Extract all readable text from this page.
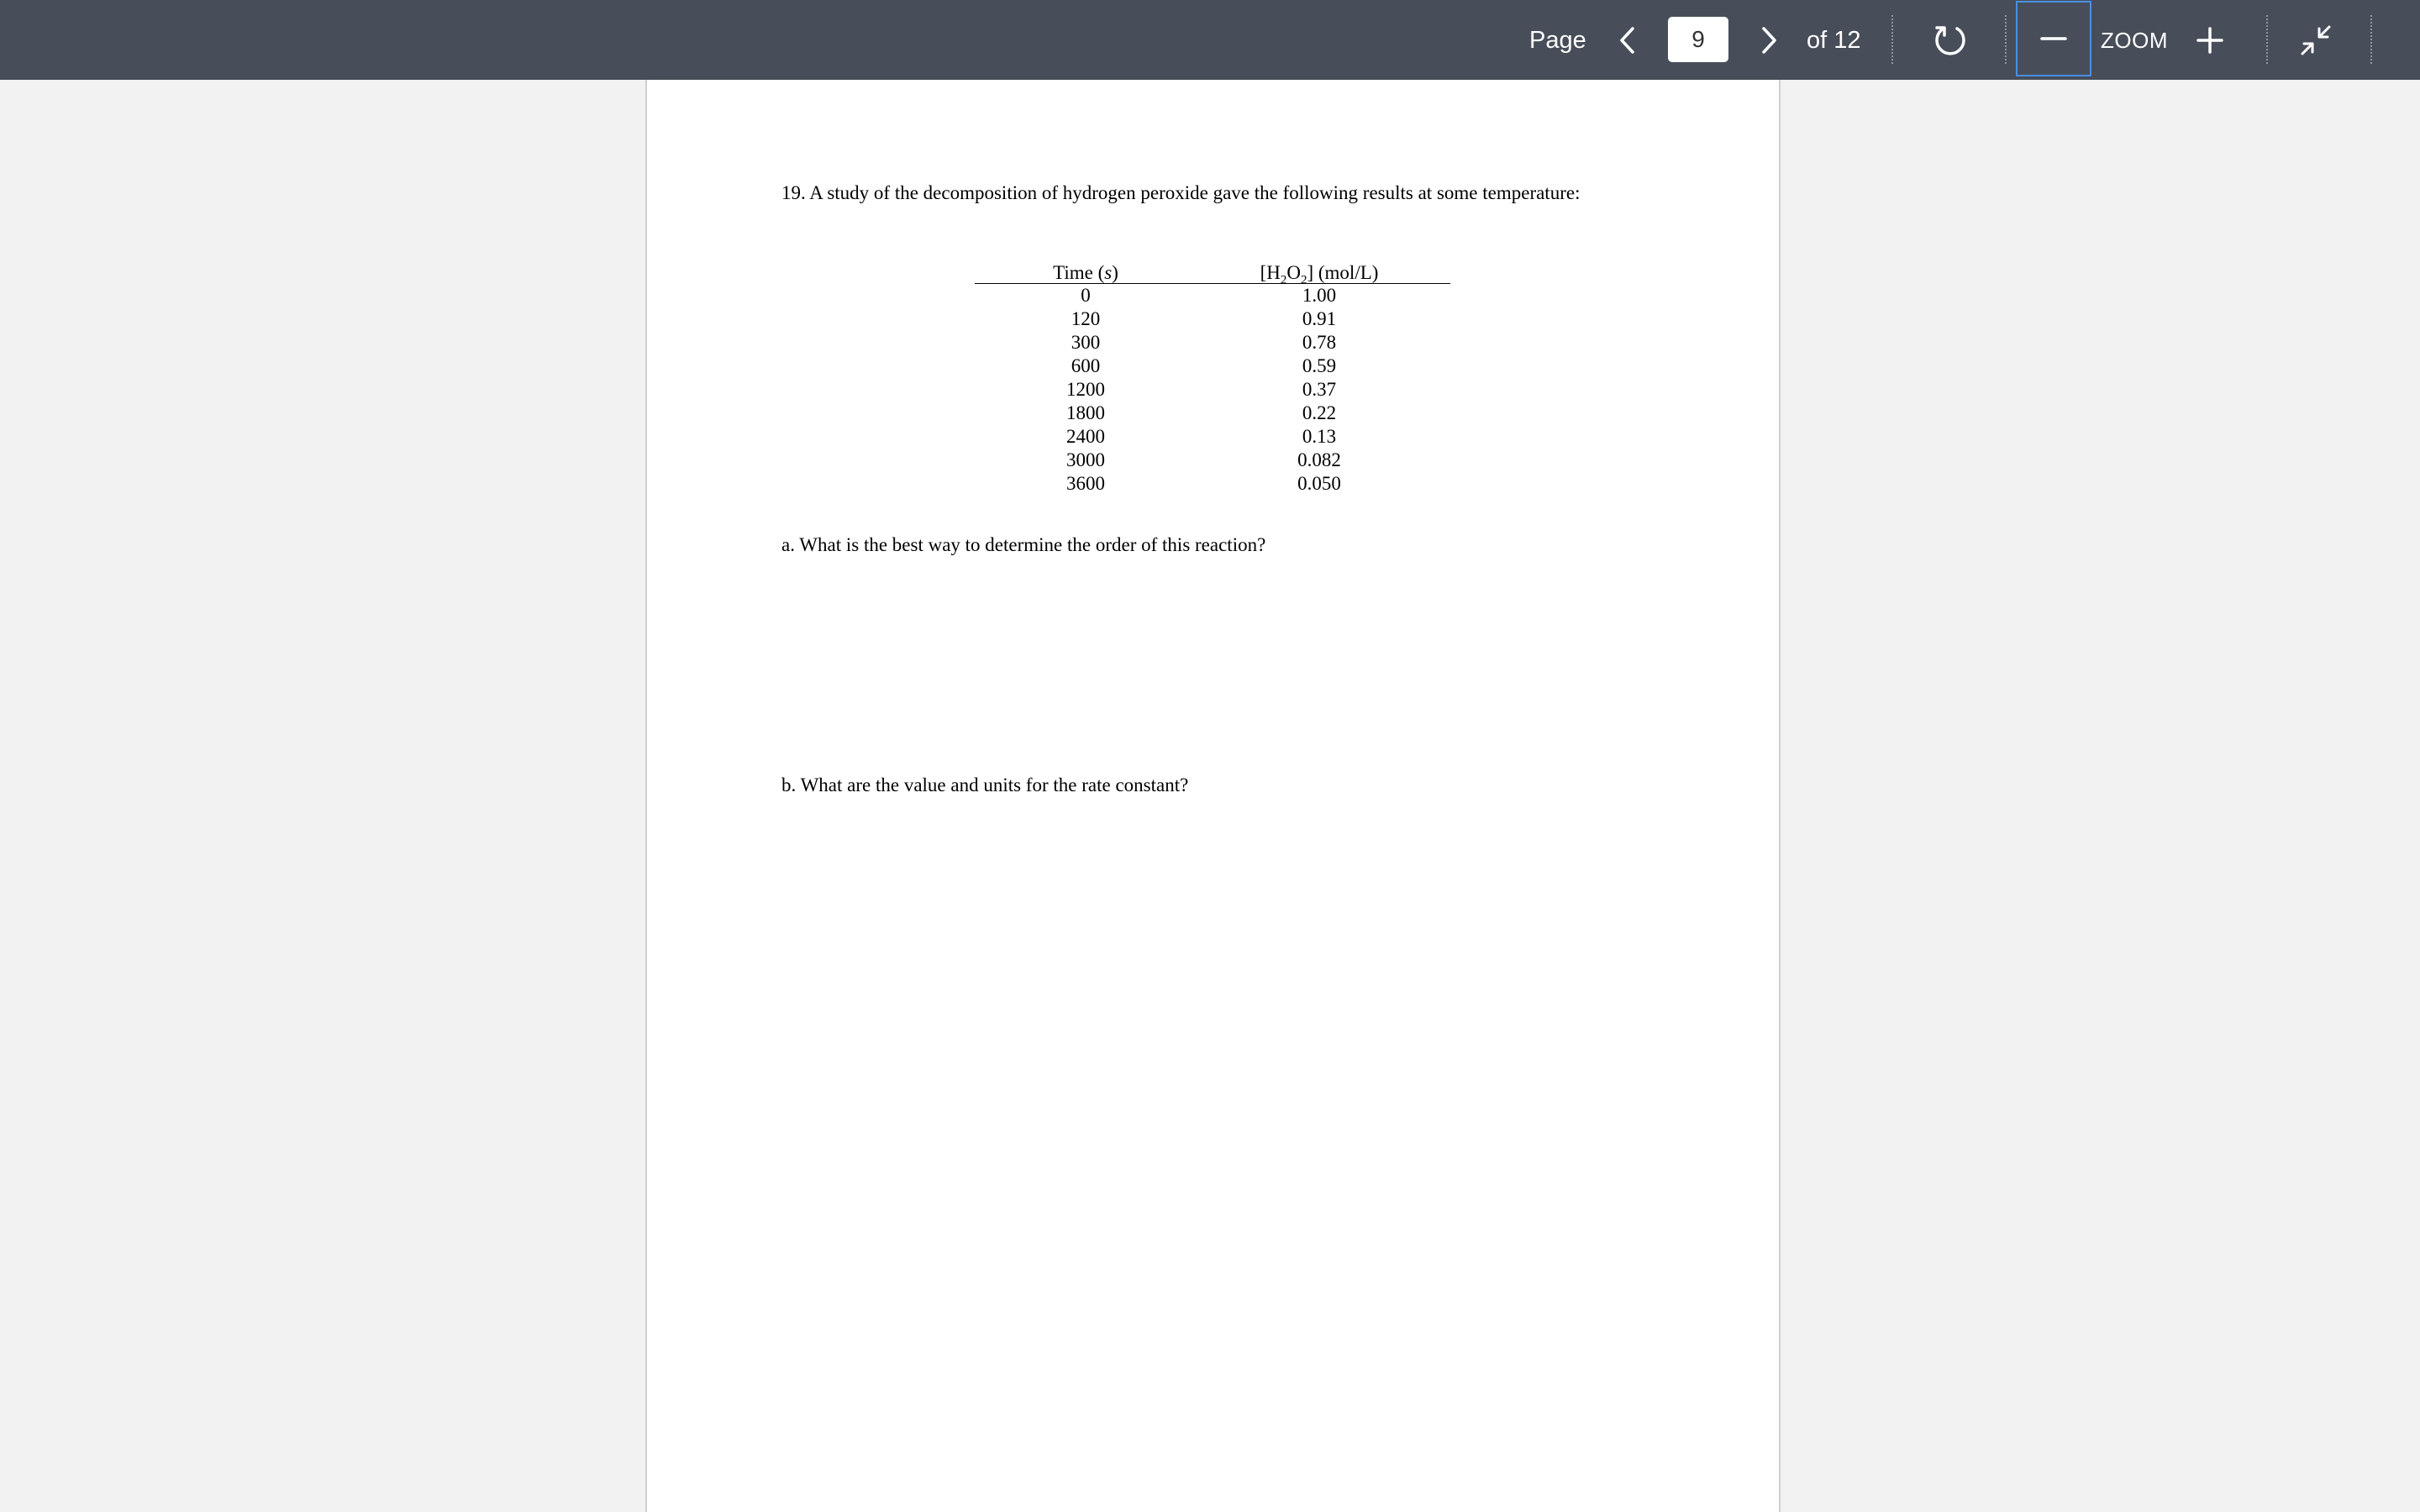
Page
9	of 12	ZOOM
19. A study of the decomposition of hydrogen peroxide gave the following results at some temperature:
Time (s)	$[H_2O_2]$ (mol/L)
0	1.00
120	0.91
300	0.78
600	0.59
1200	0.37
1800	0.22
2400	0.13
3000	0.082
3600	0.050
a. What is the best way to determine the order of this reaction?
b. What are the value and units for the rate constant?
